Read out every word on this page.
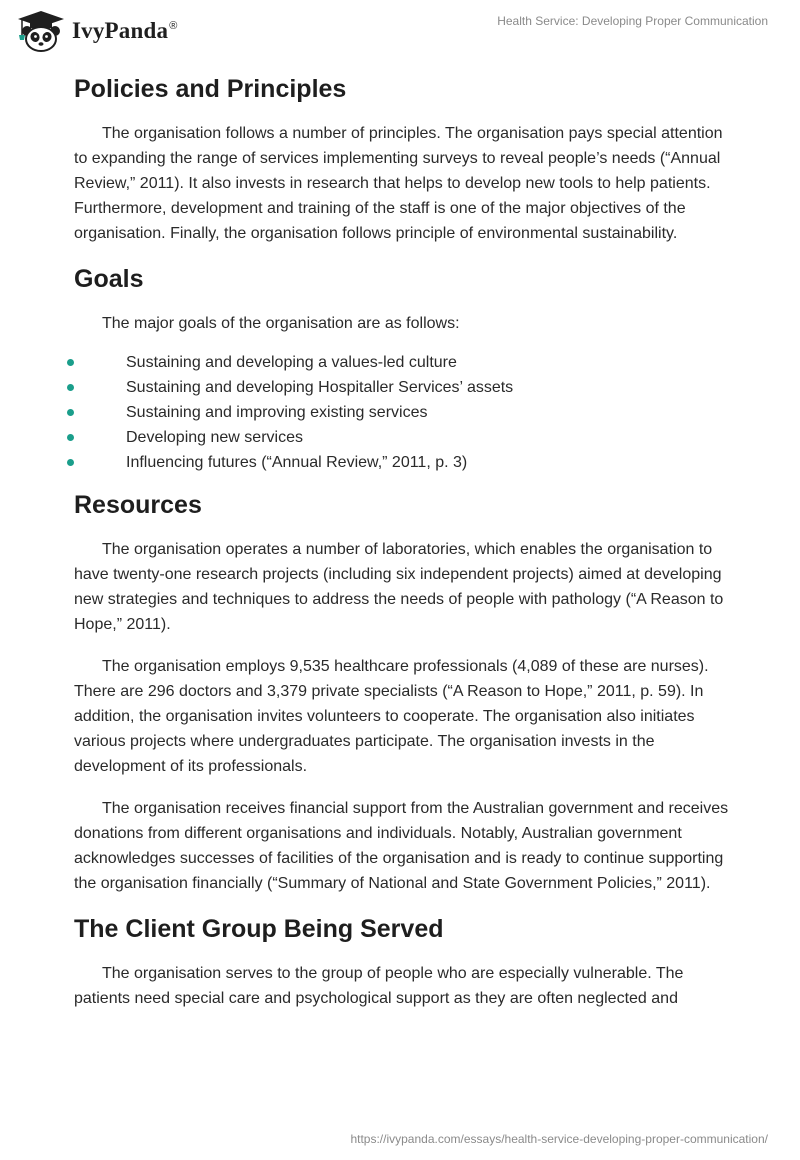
IvyPanda®	Health Service: Developing Proper Communication
Policies and Principles

The organisation follows a number of principles. The organisation pays special attention to expanding the range of services implementing surveys to reveal people’s needs (“Annual Review,” 2011). It also invests in research that helps to develop new tools to help patients. Furthermore, development and training of the staff is one of the major objectives of the organisation. Finally, the organisation follows principle of environmental sustainability.

Goals

The major goals of the organisation are as follows:

Sustaining and developing a values-led culture
Sustaining and developing Hospitaller Services’ assets
Sustaining and improving existing services
Developing new services
Influencing futures (“Annual Review,” 2011, p. 3)
Resources

The organisation operates a number of laboratories, which enables the organisation to have twenty-one research projects (including six independent projects) aimed at developing new strategies and techniques to address the needs of people with pathology (“A Reason to Hope,” 2011).

The organisation employs 9,535 healthcare professionals (4,089 of these are nurses). There are 296 doctors and 3,379 private specialists (“A Reason to Hope,” 2011, p. 59). In addition, the organisation invites volunteers to cooperate. The organisation also initiates various projects where undergraduates participate. The organisation invests in the development of its professionals.

The organisation receives financial support from the Australian government and receives donations from different organisations and individuals. Notably, Australian government acknowledges successes of facilities of the organisation and is ready to continue supporting the organisation financially (“Summary of National and State Government Policies,” 2011).

The Client Group Being Served

The organisation serves to the group of people who are especially vulnerable. The patients need special care and psychological support as they are often neglected and

https://ivypanda.com/essays/health-service-developing-proper-communication/
